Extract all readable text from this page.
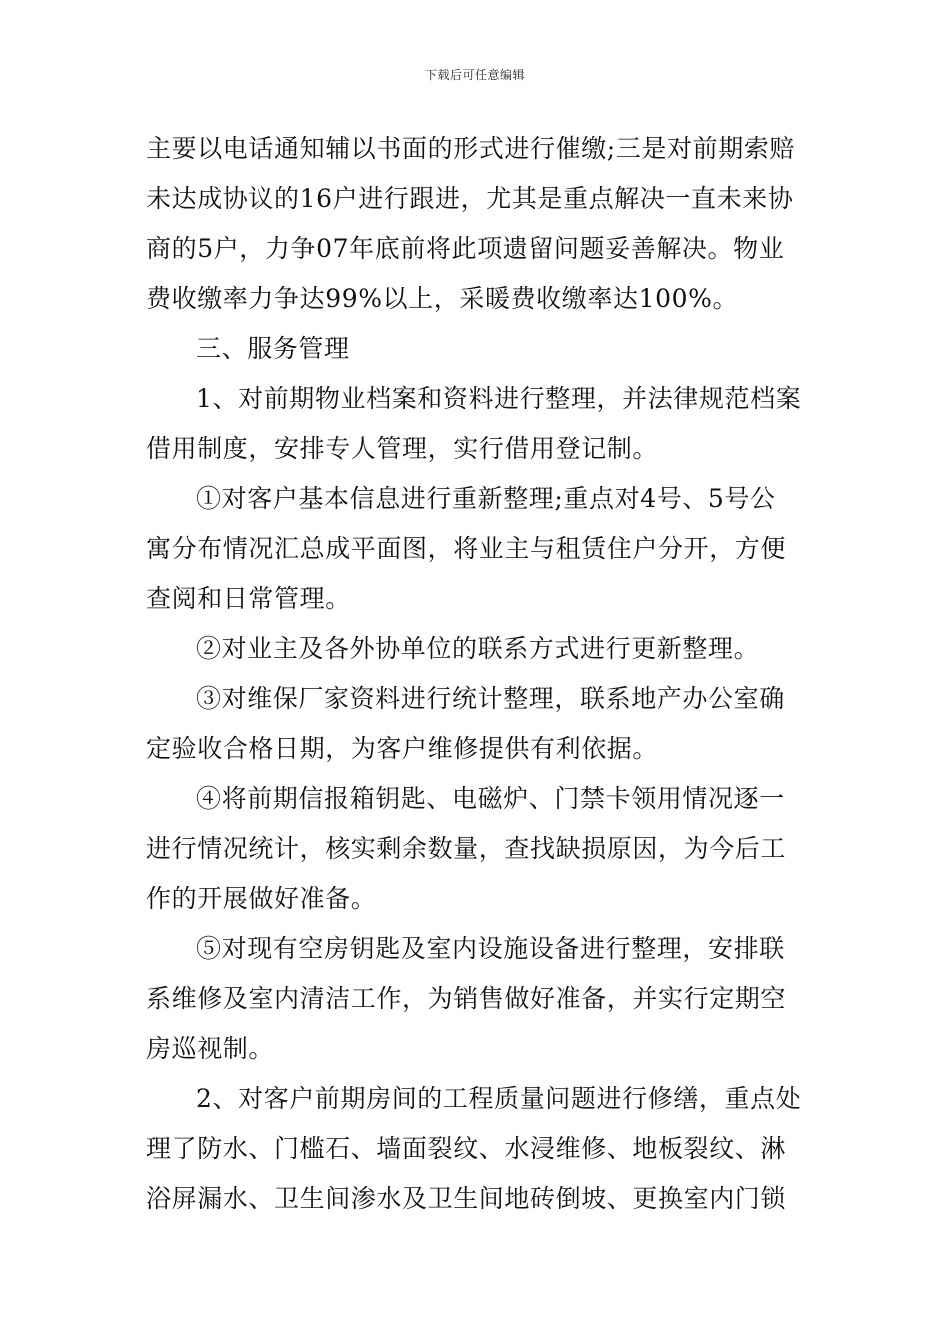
下载后可任意编辑
主要以电话通知辅以书面的形式进行催缴;三是对前期索赔
未达成协议的16户进行跟进，尤其是重点解决一直未来协
商的5户，力争07年底前将此项遗留问题妥善解决。物业
费收缴率力争达99%以上，采暖费收缴率达100%。
三、服务管理
1、对前期物业档案和资料进行整理，并法律规范档案
借用制度，安排专人管理，实行借用登记制。
①对客户基本信息进行重新整理;重点对4号、5号公
寓分布情况汇总成平面图，将业主与租赁住户分开，方便
查阅和日常管理。
②对业主及各外协单位的联系方式进行更新整理。
③对维保厂家资料进行统计整理，联系地产办公室确
定验收合格日期，为客户维修提供有利依据。
④将前期信报箱钥匙、电磁炉、门禁卡领用情况逐一
进行情况统计，核实剩余数量，查找缺损原因，为今后工
作的开展做好准备。
⑤对现有空房钥匙及室内设施设备进行整理，安排联
系维修及室内清洁工作，为销售做好准备，并实行定期空
房巡视制。
2、对客户前期房间的工程质量问题进行修缮，重点处
理了防水、门槛石、墙面裂纹、水浸维修、地板裂纹、淋
浴屏漏水、卫生间渗水及卫生间地砖倒坡、更换室内门锁
